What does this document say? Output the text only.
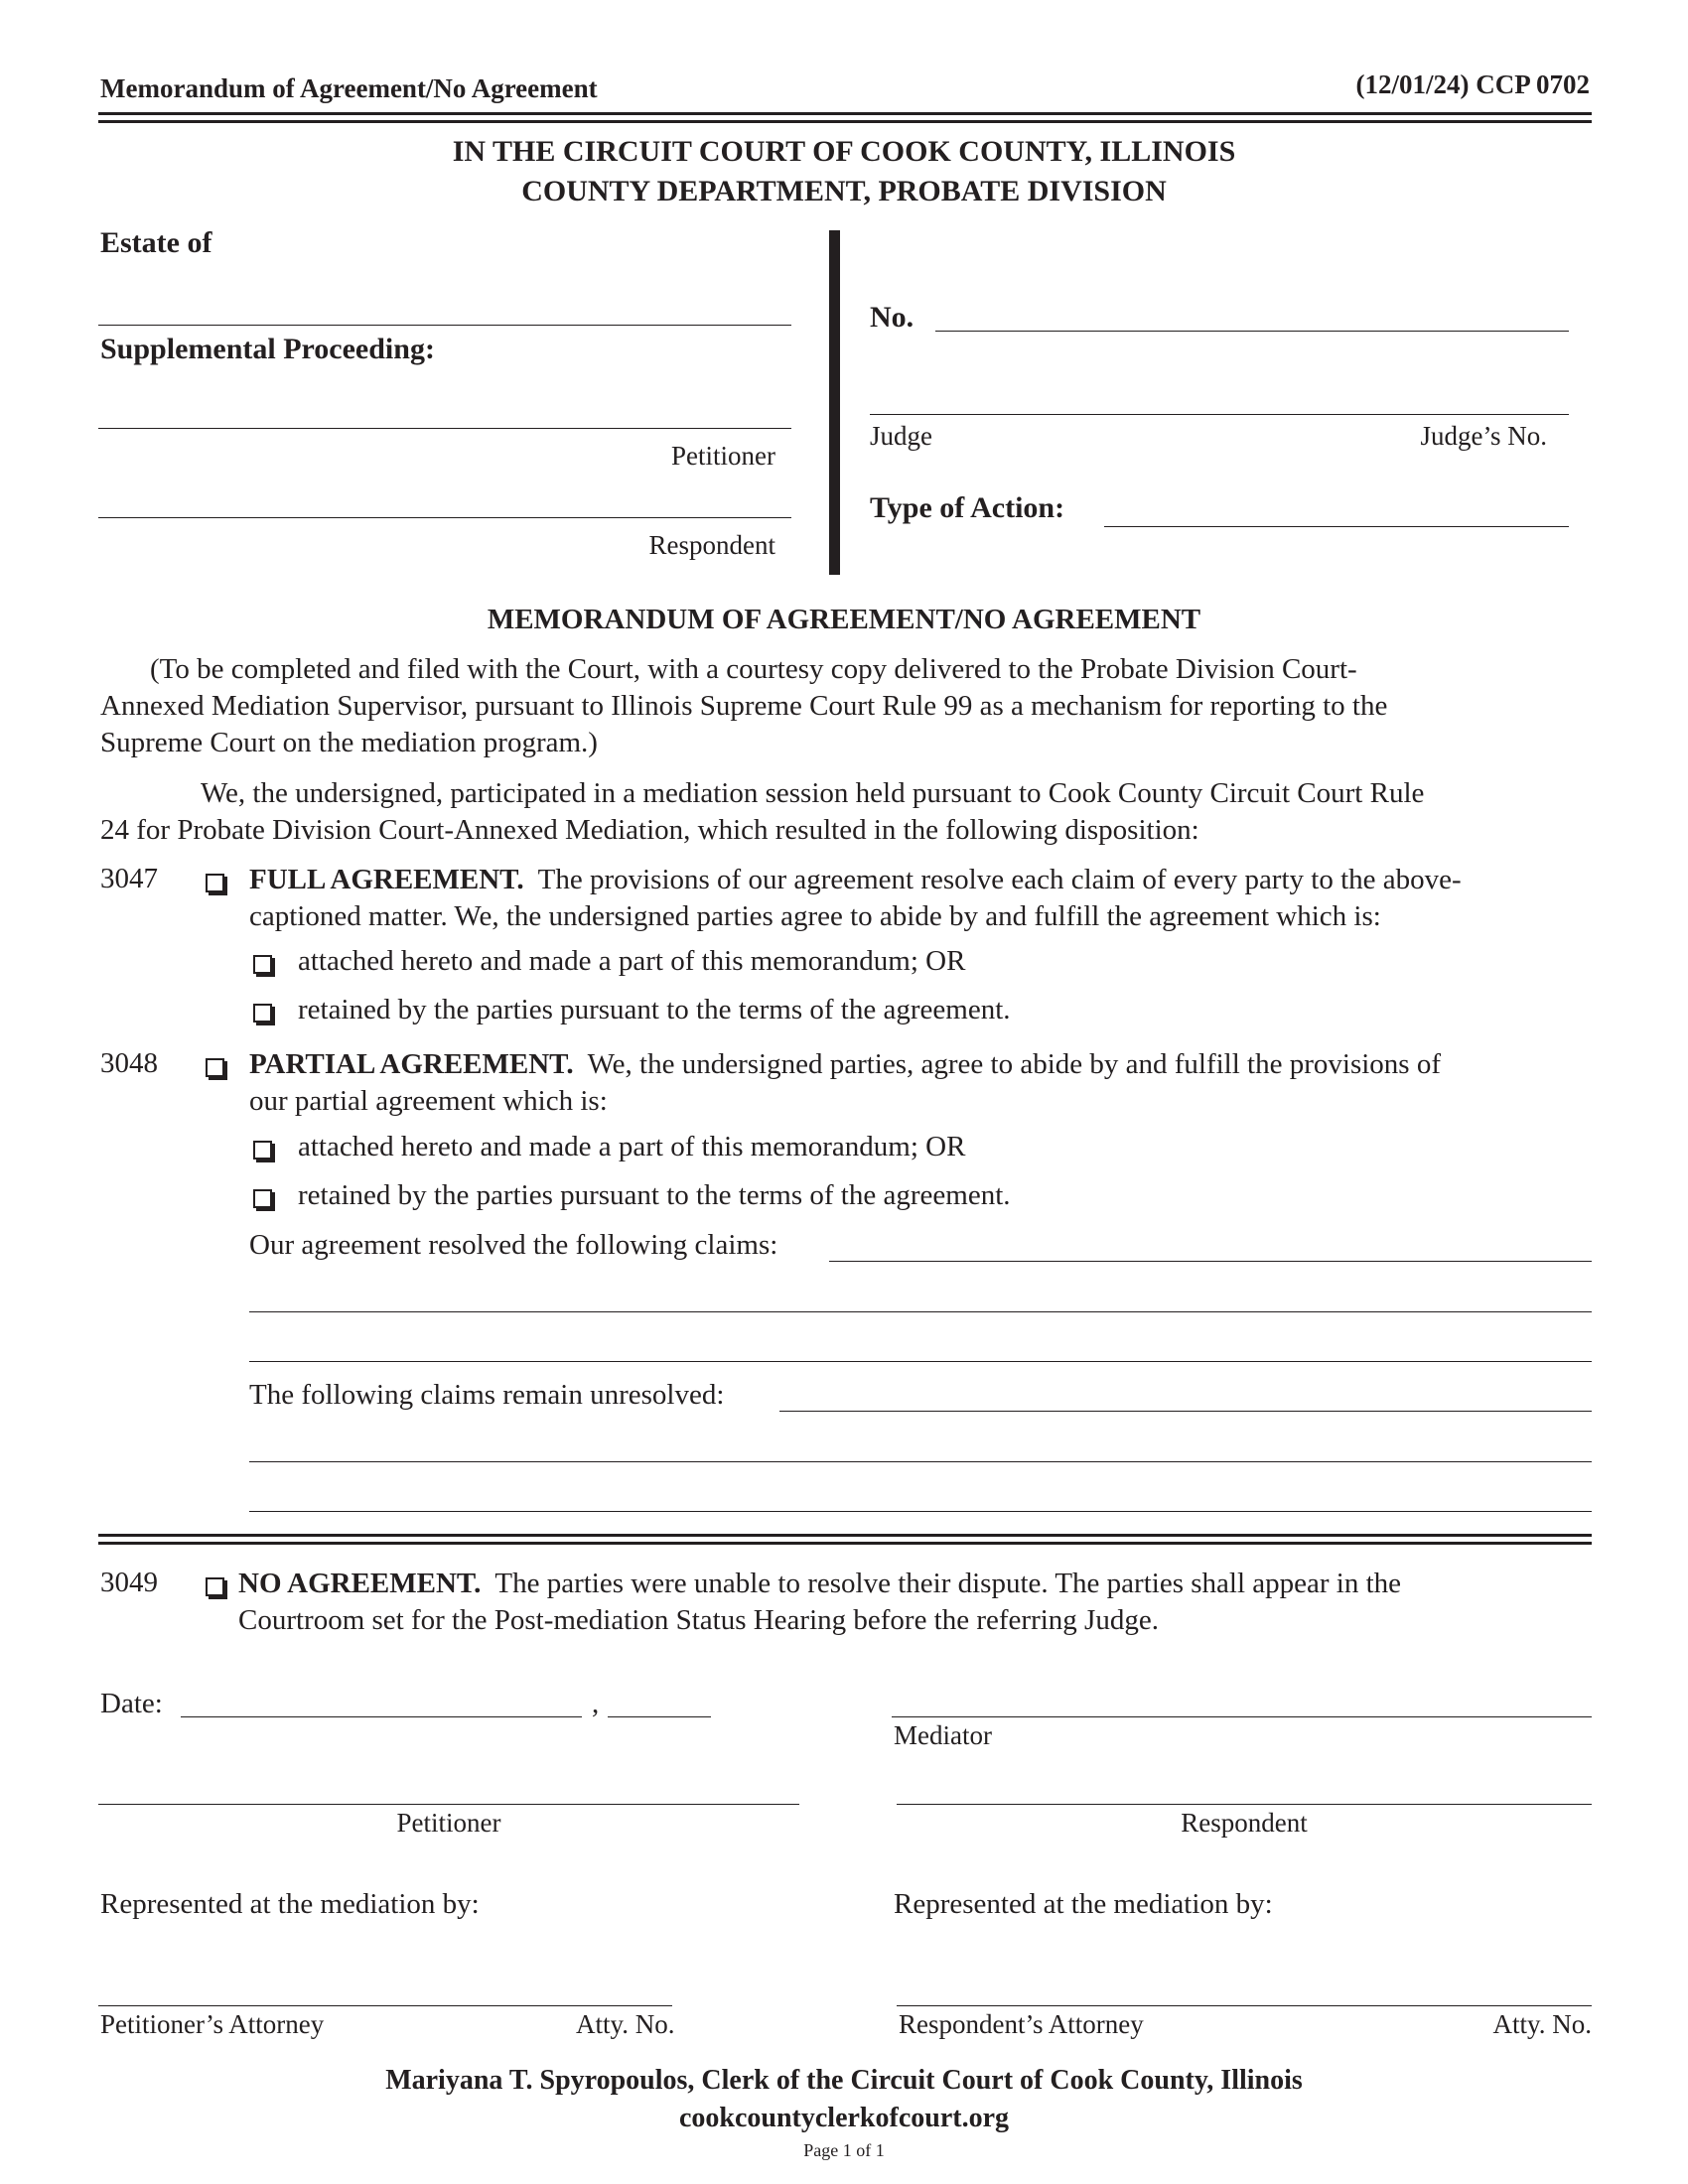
Memorandum of Agreement/No Agreement	(12/01/24) CCP 0702
IN THE CIRCUIT COURT OF COOK COUNTY, ILLINOIS
COUNTY DEPARTMENT, PROBATE DIVISION
Estate of
Supplemental Proceeding:
Petitioner
Respondent
No.
Judge	Judge’s No.
Type of Action:
MEMORANDUM OF AGREEMENT/NO AGREEMENT
(To be completed and filed with the Court, with a courtesy copy delivered to the Probate Division Court-
Annexed Mediation Supervisor, pursuant to Illinois Supreme Court Rule 99 as a mechanism for reporting to the
Supreme Court on the mediation program.)
We, the undersigned, participated in a mediation session held pursuant to Cook County Circuit Court Rule
24 for Probate Division Court-Annexed Mediation, which resulted in the following disposition:
3047	FULL AGREEMENT. The provisions of our agreement resolve each claim of every party to the above-
captioned matter. We, the undersigned parties agree to abide by and fulfill the agreement which is:
attached hereto and made a part of this memorandum; OR
retained by the parties pursuant to the terms of the agreement.
3048	PARTIAL AGREEMENT. We, the undersigned parties, agree to abide by and fulfill the provisions of
our partial agreement which is:
attached hereto and made a part of this memorandum; OR
retained by the parties pursuant to the terms of the agreement.
Our agreement resolved the following claims:
The following claims remain unresolved:
3049	NO AGREEMENT. The parties were unable to resolve their dispute. The parties shall appear in the
Courtroom set for the Post-mediation Status Hearing before the referring Judge.
Date:	,
Mediator
Petitioner	Respondent
Represented at the mediation by:	Represented at the mediation by:
Petitioner’s Attorney	Atty. No.	Respondent’s Attorney	Atty. No.
Mariyana T. Spyropoulos, Clerk of the Circuit Court of Cook County, Illinois
cookcountyclerkofcourt.org
Page 1 of 1
